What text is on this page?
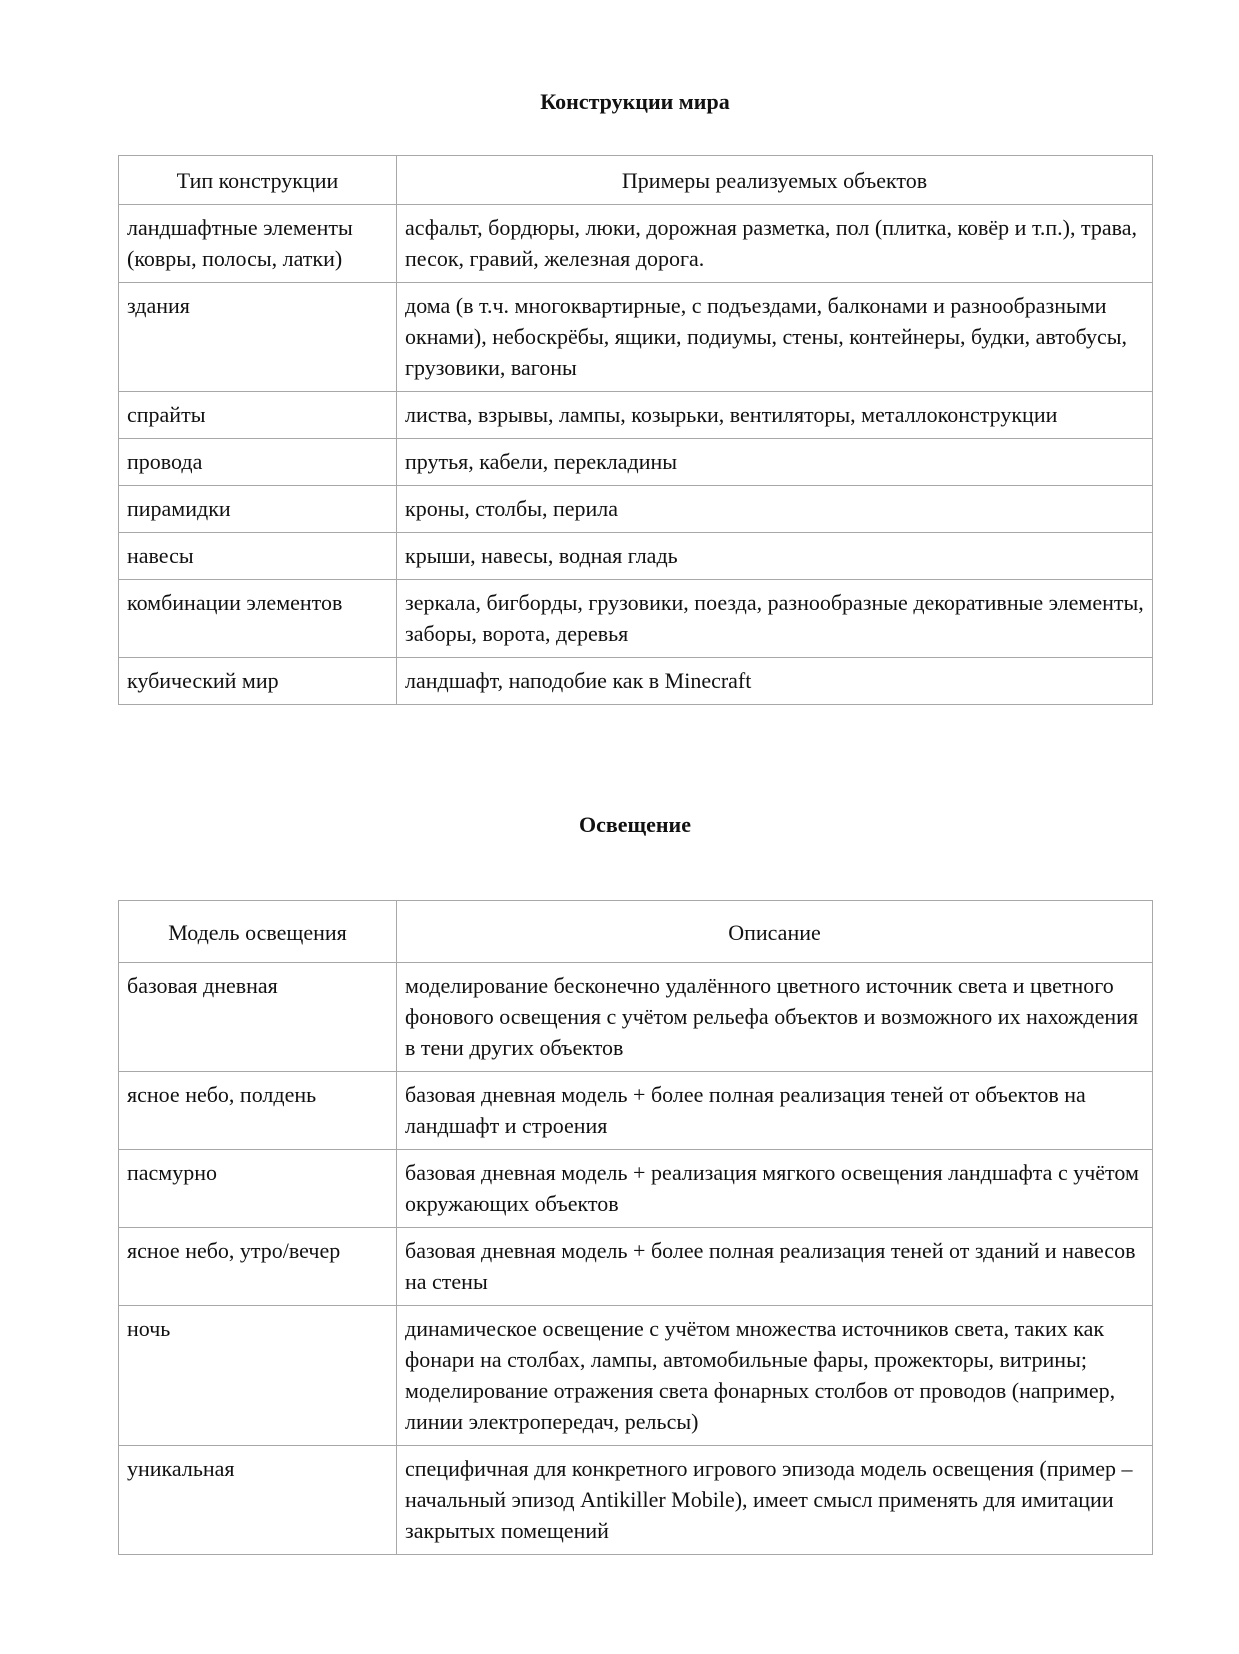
Конструкции мира
Тип конструкции	Примеры реализуемых объектов
ландшафтные элементы (ковры, полосы, латки)	асфальт, бордюры, люки, дорожная разметка, пол (плитка, ковёр и т.п.), трава, песок, гравий, железная дорога.
здания	дома (в т.ч. многоквартирные, с подъездами, балконами и разнообразными окнами), небоскрёбы, ящики, подиумы, стены, контейнеры, будки, автобусы, грузовики, вагоны
спрайты	листва, взрывы, лампы, козырьки, вентиляторы, металлоконструкции
провода	прутья, кабели, перекладины
пирамидки	кроны, столбы, перила
навесы	крыши, навесы, водная гладь
комбинации элементов	зеркала, бигборды, грузовики, поезда, разнообразные декоративные элементы, заборы, ворота, деревья
кубический мир	ландшафт, наподобие как в Minecraft
Освещение
Модель освещения	Описание
базовая дневная	моделирование бесконечно удалённого цветного источник света и цветного фонового освещения с учётом рельефа объектов и возможного их нахождения в тени других объектов
ясное небо, полдень	базовая дневная модель + более полная реализация теней от объектов на ландшафт и строения
пасмурно	базовая дневная модель + реализация мягкого освещения ландшафта с учётом окружающих объектов
ясное небо, утро/вечер	базовая дневная модель + более полная реализация теней от зданий и навесов на стены
ночь	динамическое освещение с учётом множества источников света, таких как фонари на столбах, лампы, автомобильные фары, прожекторы, витрины; моделирование отражения света фонарных столбов от проводов (например, линии электропередач, рельсы)
уникальная	специфичная для конкретного игрового эпизода модель освещения (пример – начальный эпизод Antikiller Mobile), имеет смысл применять для имитации закрытых помещений
